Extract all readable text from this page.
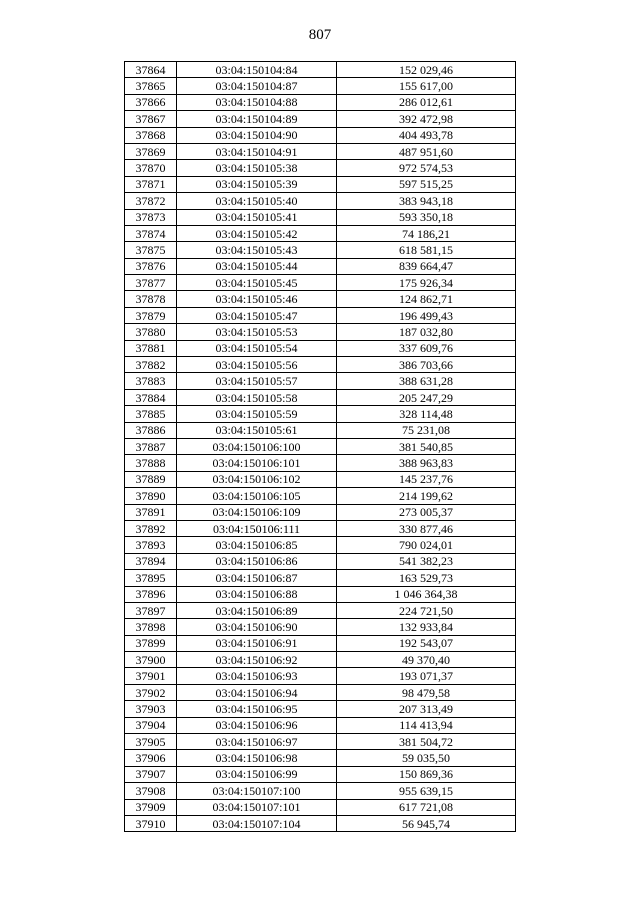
807
37864	03:04:150104:84	152 029,46
37865	03:04:150104:87	155 617,00
37866	03:04:150104:88	286 012,61
37867	03:04:150104:89	392 472,98
37868	03:04:150104:90	404 493,78
37869	03:04:150104:91	487 951,60
37870	03:04:150105:38	972 574,53
37871	03:04:150105:39	597 515,25
37872	03:04:150105:40	383 943,18
37873	03:04:150105:41	593 350,18
37874	03:04:150105:42	74 186,21
37875	03:04:150105:43	618 581,15
37876	03:04:150105:44	839 664,47
37877	03:04:150105:45	175 926,34
37878	03:04:150105:46	124 862,71
37879	03:04:150105:47	196 499,43
37880	03:04:150105:53	187 032,80
37881	03:04:150105:54	337 609,76
37882	03:04:150105:56	386 703,66
37883	03:04:150105:57	388 631,28
37884	03:04:150105:58	205 247,29
37885	03:04:150105:59	328 114,48
37886	03:04:150105:61	75 231,08
37887	03:04:150106:100	381 540,85
37888	03:04:150106:101	388 963,83
37889	03:04:150106:102	145 237,76
37890	03:04:150106:105	214 199,62
37891	03:04:150106:109	273 005,37
37892	03:04:150106:111	330 877,46
37893	03:04:150106:85	790 024,01
37894	03:04:150106:86	541 382,23
37895	03:04:150106:87	163 529,73
37896	03:04:150106:88	1 046 364,38
37897	03:04:150106:89	224 721,50
37898	03:04:150106:90	132 933,84
37899	03:04:150106:91	192 543,07
37900	03:04:150106:92	49 370,40
37901	03:04:150106:93	193 071,37
37902	03:04:150106:94	98 479,58
37903	03:04:150106:95	207 313,49
37904	03:04:150106:96	114 413,94
37905	03:04:150106:97	381 504,72
37906	03:04:150106:98	59 035,50
37907	03:04:150106:99	150 869,36
37908	03:04:150107:100	955 639,15
37909	03:04:150107:101	617 721,08
37910	03:04:150107:104	56 945,74
